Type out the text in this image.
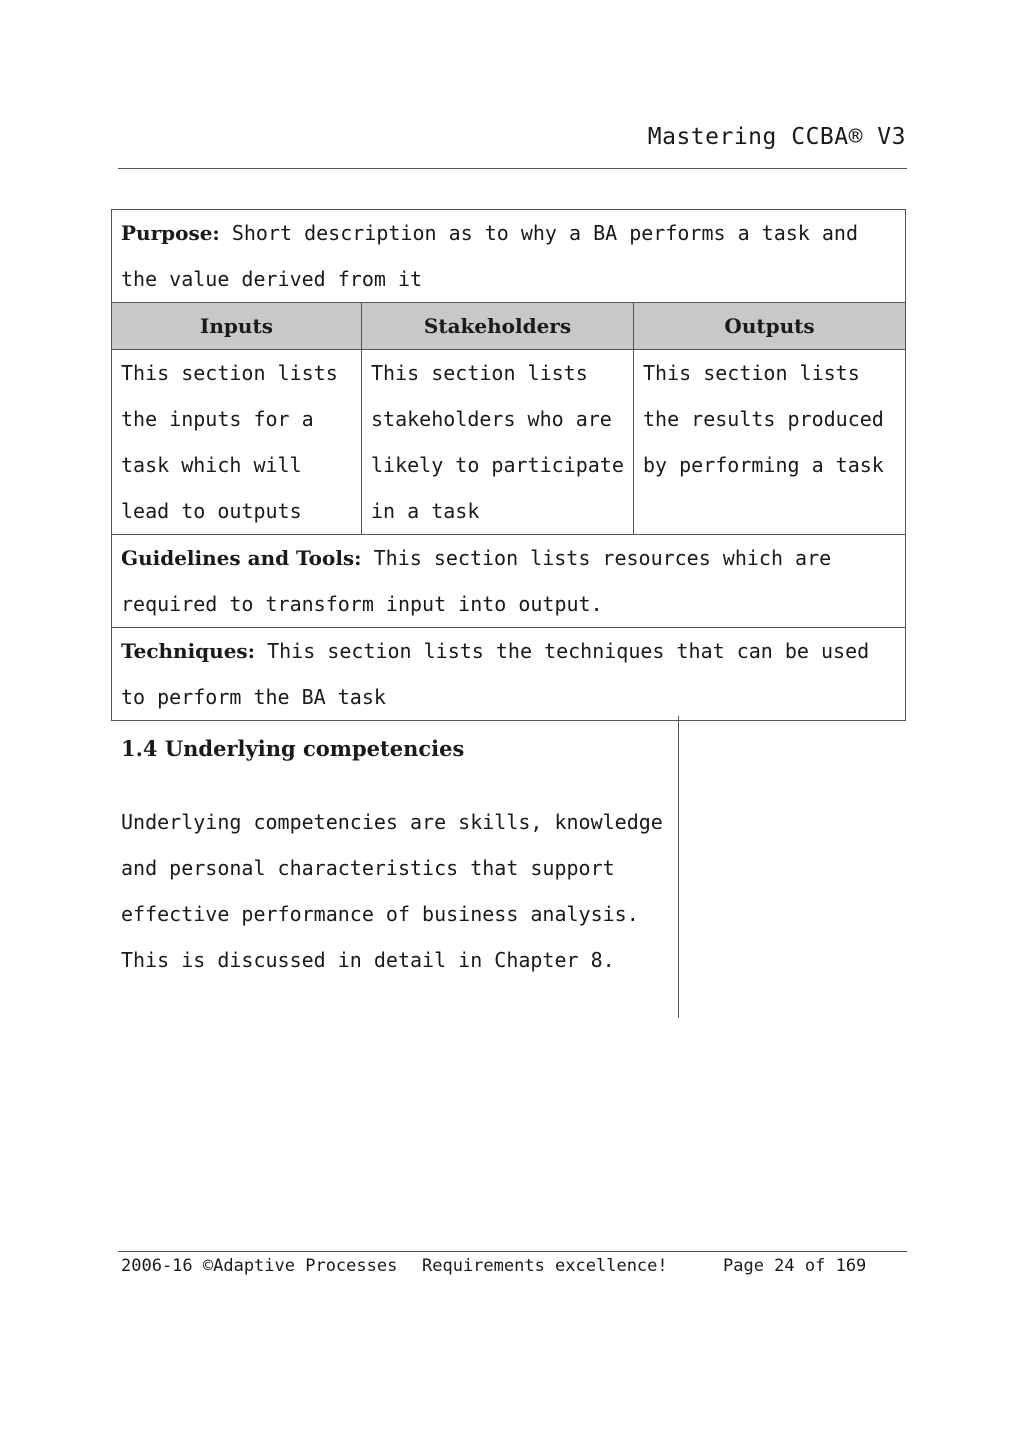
Mastering CCBA® V3
Purpose: Short description as to why a BA performs a task and the value derived from it		
Inputs	Stakeholders	Outputs
This section lists the inputs for a task which will lead to outputs	This section lists stakeholders who are likely to participate in a task	This section lists the results produced by performing a task
Guidelines and Tools: This section lists resources which are required to transform input into output.		
Techniques: This section lists the techniques that can be used to perform the BA task		
1.4 Underlying competencies
Underlying competencies are skills, knowledge and personal characteristics that support effective performance of business analysis. This is discussed in detail in Chapter 8.
2006-16 ©Adaptive Processes Requirements excellence!	Page 24 of 169
